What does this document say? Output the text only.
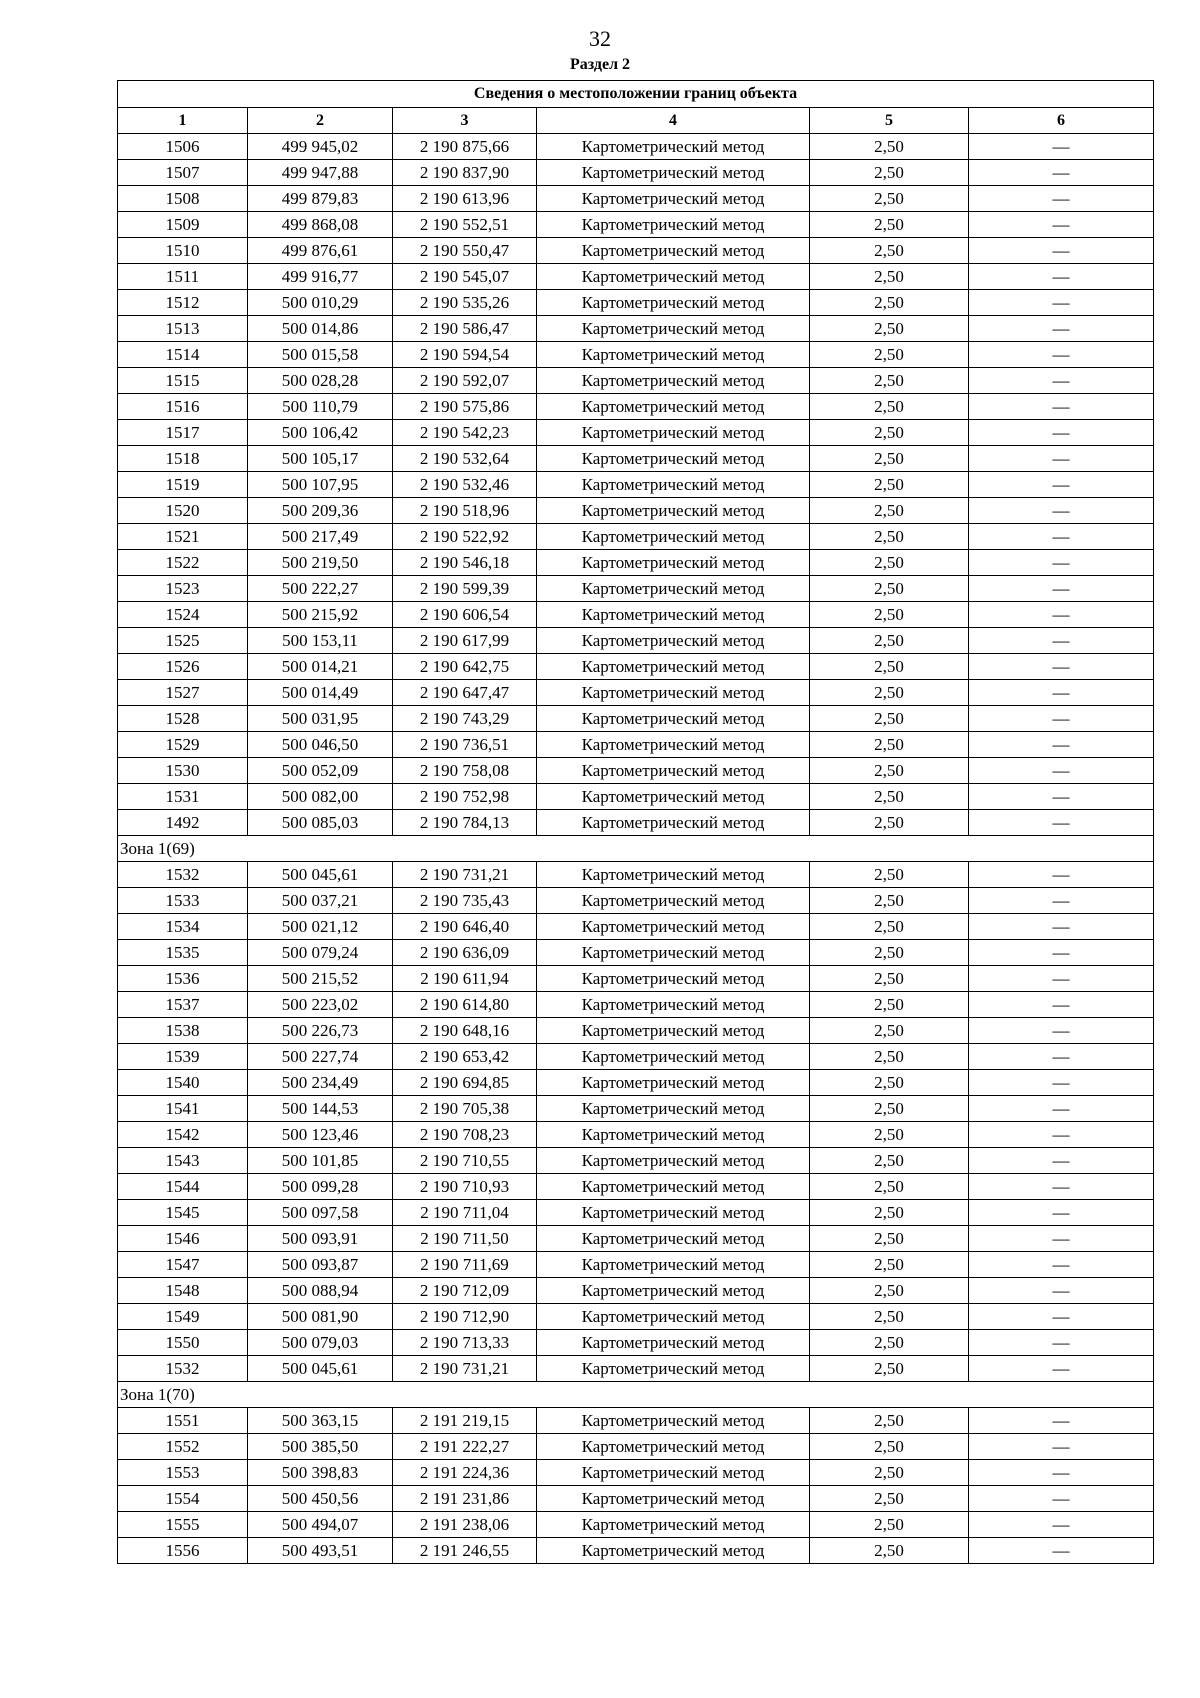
32
Раздел 2
Сведения о местоположении границ объекта					
1	2	3	4	5	6
1506	499 945,02	2 190 875,66	Картометрический метод	2,50	—
1507	499 947,88	2 190 837,90	Картометрический метод	2,50	—
1508	499 879,83	2 190 613,96	Картометрический метод	2,50	—
1509	499 868,08	2 190 552,51	Картометрический метод	2,50	—
1510	499 876,61	2 190 550,47	Картометрический метод	2,50	—
1511	499 916,77	2 190 545,07	Картометрический метод	2,50	—
1512	500 010,29	2 190 535,26	Картометрический метод	2,50	—
1513	500 014,86	2 190 586,47	Картометрический метод	2,50	—
1514	500 015,58	2 190 594,54	Картометрический метод	2,50	—
1515	500 028,28	2 190 592,07	Картометрический метод	2,50	—
1516	500 110,79	2 190 575,86	Картометрический метод	2,50	—
1517	500 106,42	2 190 542,23	Картометрический метод	2,50	—
1518	500 105,17	2 190 532,64	Картометрический метод	2,50	—
1519	500 107,95	2 190 532,46	Картометрический метод	2,50	—
1520	500 209,36	2 190 518,96	Картометрический метод	2,50	—
1521	500 217,49	2 190 522,92	Картометрический метод	2,50	—
1522	500 219,50	2 190 546,18	Картометрический метод	2,50	—
1523	500 222,27	2 190 599,39	Картометрический метод	2,50	—
1524	500 215,92	2 190 606,54	Картометрический метод	2,50	—
1525	500 153,11	2 190 617,99	Картометрический метод	2,50	—
1526	500 014,21	2 190 642,75	Картометрический метод	2,50	—
1527	500 014,49	2 190 647,47	Картометрический метод	2,50	—
1528	500 031,95	2 190 743,29	Картометрический метод	2,50	—
1529	500 046,50	2 190 736,51	Картометрический метод	2,50	—
1530	500 052,09	2 190 758,08	Картометрический метод	2,50	—
1531	500 082,00	2 190 752,98	Картометрический метод	2,50	—
1492	500 085,03	2 190 784,13	Картометрический метод	2,50	—
Зона 1(69)					
1532	500 045,61	2 190 731,21	Картометрический метод	2,50	—
1533	500 037,21	2 190 735,43	Картометрический метод	2,50	—
1534	500 021,12	2 190 646,40	Картометрический метод	2,50	—
1535	500 079,24	2 190 636,09	Картометрический метод	2,50	—
1536	500 215,52	2 190 611,94	Картометрический метод	2,50	—
1537	500 223,02	2 190 614,80	Картометрический метод	2,50	—
1538	500 226,73	2 190 648,16	Картометрический метод	2,50	—
1539	500 227,74	2 190 653,42	Картометрический метод	2,50	—
1540	500 234,49	2 190 694,85	Картометрический метод	2,50	—
1541	500 144,53	2 190 705,38	Картометрический метод	2,50	—
1542	500 123,46	2 190 708,23	Картометрический метод	2,50	—
1543	500 101,85	2 190 710,55	Картометрический метод	2,50	—
1544	500 099,28	2 190 710,93	Картометрический метод	2,50	—
1545	500 097,58	2 190 711,04	Картометрический метод	2,50	—
1546	500 093,91	2 190 711,50	Картометрический метод	2,50	—
1547	500 093,87	2 190 711,69	Картометрический метод	2,50	—
1548	500 088,94	2 190 712,09	Картометрический метод	2,50	—
1549	500 081,90	2 190 712,90	Картометрический метод	2,50	—
1550	500 079,03	2 190 713,33	Картометрический метод	2,50	—
1532	500 045,61	2 190 731,21	Картометрический метод	2,50	—
Зона 1(70)					
1551	500 363,15	2 191 219,15	Картометрический метод	2,50	—
1552	500 385,50	2 191 222,27	Картометрический метод	2,50	—
1553	500 398,83	2 191 224,36	Картометрический метод	2,50	—
1554	500 450,56	2 191 231,86	Картометрический метод	2,50	—
1555	500 494,07	2 191 238,06	Картометрический метод	2,50	—
1556	500 493,51	2 191 246,55	Картометрический метод	2,50	—
